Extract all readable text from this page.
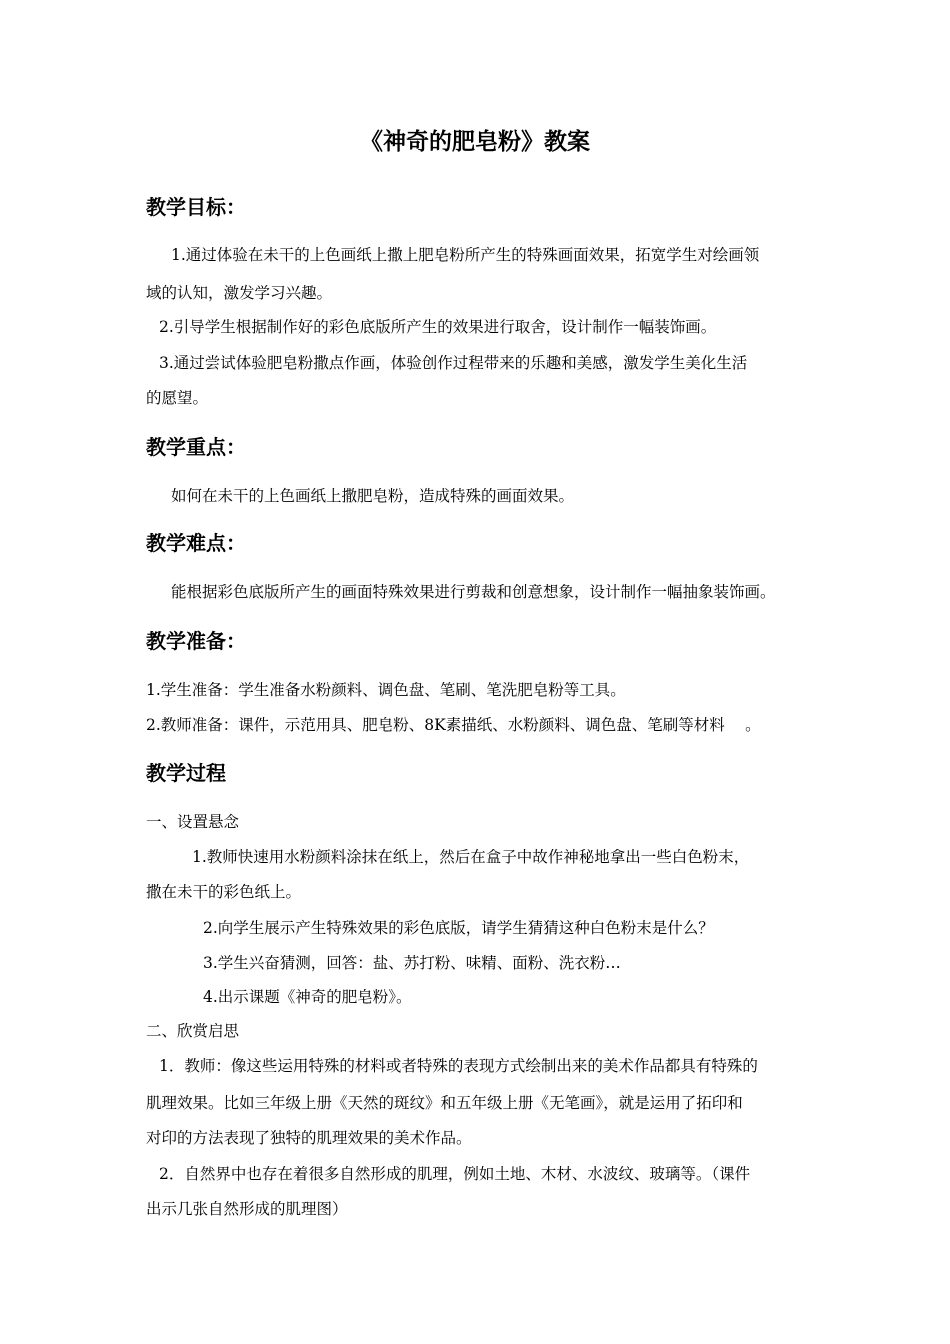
《神奇的肥皂粉》教案
教学目标：
1.通过体验在未干的上色画纸上撒上肥皂粉所产生的特殊画面效果，拓宽学生对绘画领
域的认知，激发学习兴趣。
2.引导学生根据制作好的彩色底版所产生的效果进行取舍，设计制作一幅装饰画。
3.通过尝试体验肥皂粉撒点作画，体验创作过程带来的乐趣和美感，激发学生美化生活
的愿望。
教学重点：
如何在未干的上色画纸上撒肥皂粉，造成特殊的画面效果。
教学难点：
能根据彩色底版所产生的画面特殊效果进行剪裁和创意想象，设计制作一幅抽象装饰画。
教学准备：
1.学生准备：学生准备水粉颜料、调色盘、笔刷、笔洗肥皂粉等工具。
2.教师准备：课件，示范用具、肥皂粉、8K素描纸、水粉颜料、调色盘、笔刷等材料　 。
教学过程
一、设置悬念
1.教师快速用水粉颜料涂抹在纸上，然后在盒子中故作神秘地拿出一些白色粉末，
撒在未干的彩色纸上。
2.向学生展示产生特殊效果的彩色底版，请学生猜猜这种白色粉末是什么？
3.学生兴奋猜测，回答：盐、苏打粉、味精、面粉、洗衣粉…
4.出示课题《神奇的肥皂粉》。
二、欣赏启思
1．教师：像这些运用特殊的材料或者特殊的表现方式绘制出来的美术作品都具有特殊的
肌理效果。比如三年级上册《天然的斑纹》和五年级上册《无笔画》，就是运用了拓印和
对印的方法表现了独特的肌理效果的美术作品。
2．自然界中也存在着很多自然形成的肌理，例如土地、木材、水波纹、玻璃等。（课件
出示几张自然形成的肌理图）
